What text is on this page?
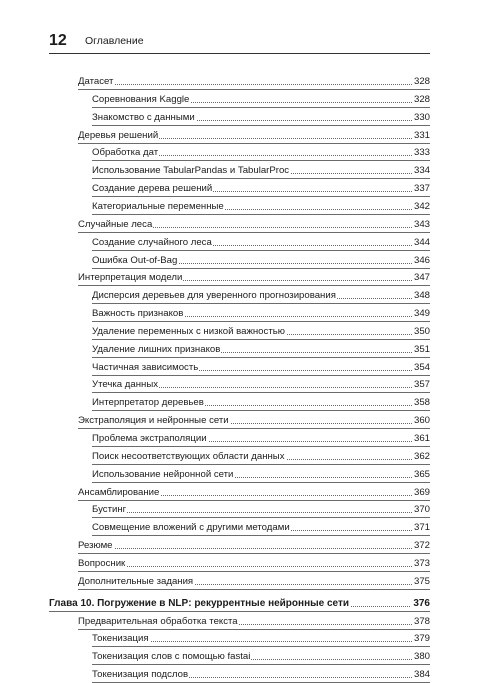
12 Оглавление
Датасет	328
Соревнования Kaggle	328
Знакомство с данными	330
Деревья решений	331
Обработка дат	333
Использование TabularPandas и TabularProc	334
Создание дерева решений	337
Категориальные переменные	342
Случайные леса	343
Создание случайного леса	344
Ошибка Out-of-Bag	346
Интерпретация модели	347
Дисперсия деревьев для уверенного прогнозирования	348
Важность признаков	349
Удаление переменных с низкой важностью	350
Удаление лишних признаков	351
Частичная зависимость	354
Утечка данных	357
Интерпретатор деревьев	358
Экстраполяция и нейронные сети	360
Проблема экстраполяции	361
Поиск несоответствующих области данных	362
Использование нейронной сети	365
Ансамблирование	369
Бустинг	370
Совмещение вложений с другими методами	371
Резюме	372
Вопросник	373
Дополнительные задания	375
Глава 10. Погружение в NLP: рекуррентные нейронные сети	376
Предварительная обработка текста	378
Токенизация	379
Токенизация слов с помощью fastai	380
Токенизация подслов	384
